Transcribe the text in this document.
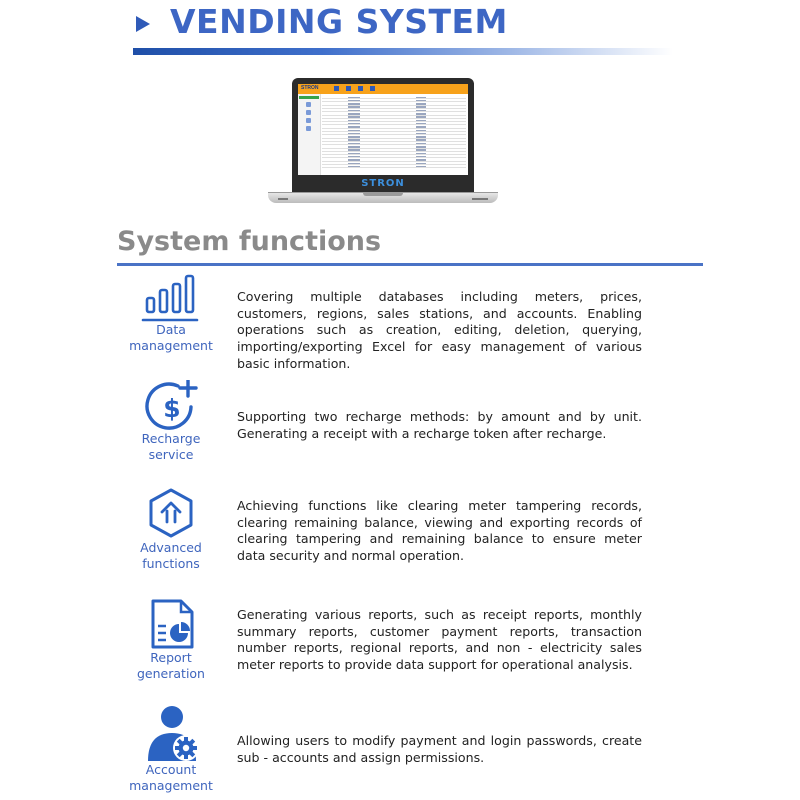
VENDING SYSTEM
STRON
STRON
System functions
Data
management
Covering multiple databases including meters, prices, customers, regions, sales stations, and accounts. Enabling operations such as creation, editing, deletion, querying, importing/exporting Excel for easy management of various basic information.
$
Recharge
service
Supporting two recharge methods: by amount and by unit. Generating a receipt with a recharge token after recharge.
Advanced
functions
Achieving functions like clearing meter tampering records, clearing remaining balance, viewing and exporting records of clearing tampering and remaining balance to ensure meter data security and normal operation.
Report
generation
Generating various reports, such as receipt reports, monthly summary reports, customer payment reports, transaction number reports, regional reports, and non - electricity sales meter reports to provide data support for operational analysis.
Account
management
Allowing users to modify payment and login passwords, create sub - accounts and assign permissions.
